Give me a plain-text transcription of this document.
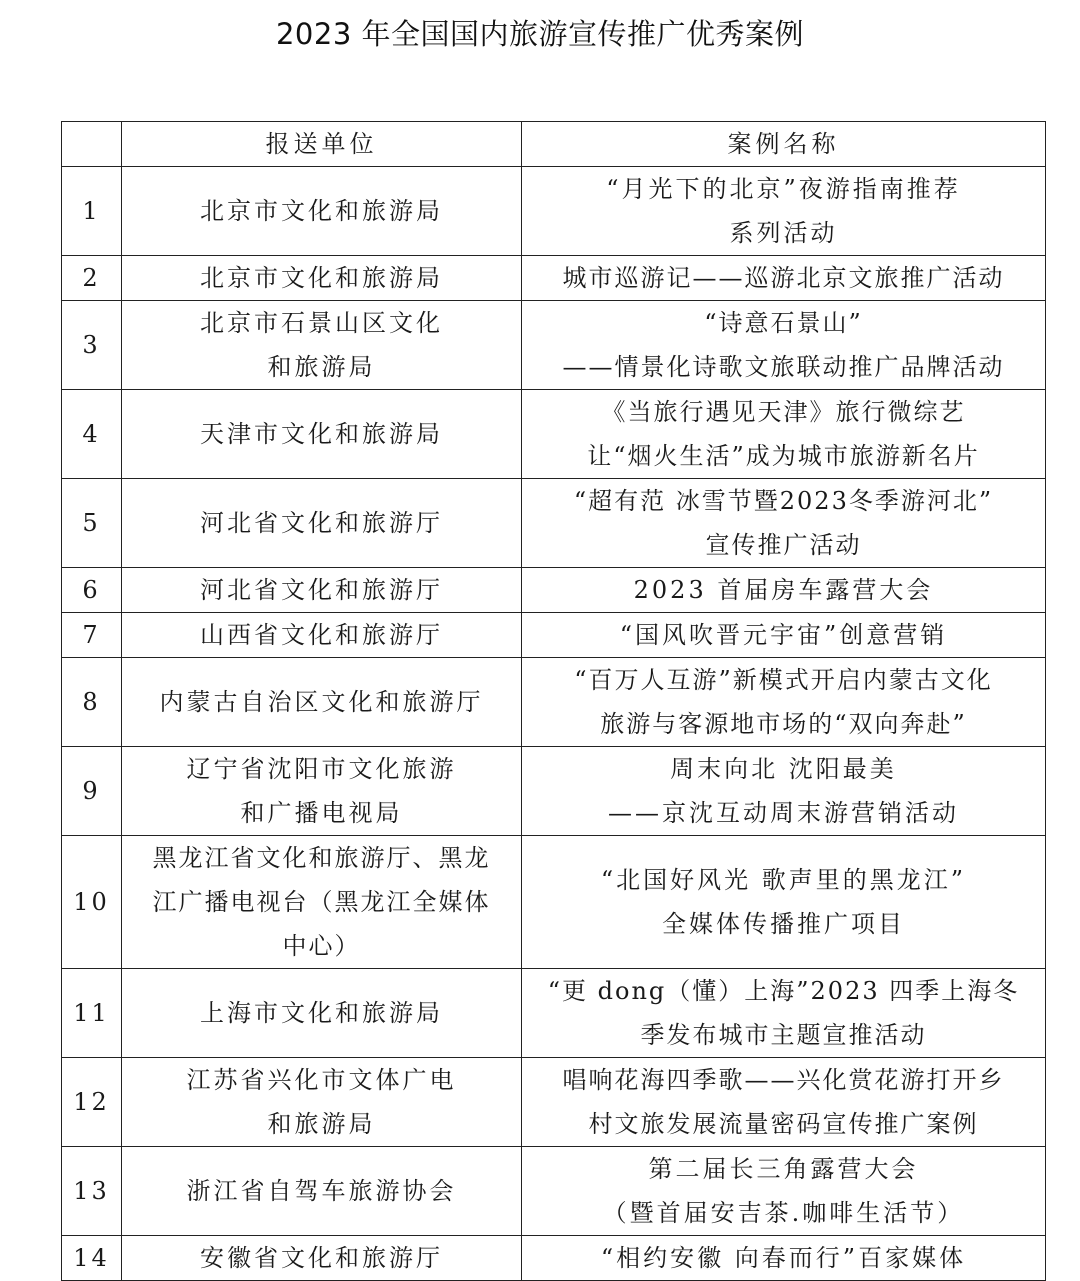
2023 年全国国内旅游宣传推广优秀案例
	报送单位	案例名称
1	北京市文化和旅游局	“月光下的北京”夜游指南推荐
系列活动
2	北京市文化和旅游局	城市巡游记——巡游北京文旅推广活动
3	北京市石景山区文化
和旅游局	“诗意石景山”
——情景化诗歌文旅联动推广品牌活动
4	天津市文化和旅游局	《当旅行遇见天津》旅行微综艺
让“烟火生活”成为城市旅游新名片
5	河北省文化和旅游厅	“超有范 冰雪节暨2023冬季游河北”
宣传推广活动
6	河北省文化和旅游厅	2023 首届房车露营大会
7	山西省文化和旅游厅	“国风吹晋元宇宙”创意营销
8	内蒙古自治区文化和旅游厅	“百万人互游”新模式开启内蒙古文化
旅游与客源地市场的“双向奔赴”
9	辽宁省沈阳市文化旅游
和广播电视局	周末向北 沈阳最美
——京沈互动周末游营销活动
10	黑龙江省文化和旅游厅、黑龙
江广播电视台（黑龙江全媒体
中心）	“北国好风光 歌声里的黑龙江”
全媒体传播推广项目
11	上海市文化和旅游局	“更 dong（懂）上海”2023 四季上海冬
季发布城市主题宣推活动
12	江苏省兴化市文体广电
和旅游局	唱响花海四季歌——兴化赏花游打开乡
村文旅发展流量密码宣传推广案例
13	浙江省自驾车旅游协会	第二届长三角露营大会
（暨首届安吉茶.咖啡生活节）
14	安徽省文化和旅游厅	“相约安徽 向春而行”百家媒体
